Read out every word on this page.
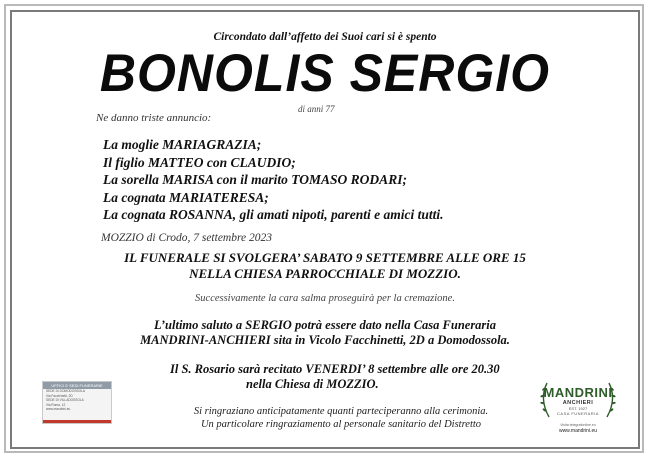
Circondato dall’affetto dei Suoi cari si è spento
BONOLIS SERGIO
di anni 77
Ne danno triste annuncio:
La moglie MARIAGRAZIA;
Il figlio MATTEO con CLAUDIO;
La sorella MARISA con il marito TOMASO RODARI;
La cognata MARIATERESA;
La cognata ROSANNA, gli amati nipoti, parenti e amici tutti.
MOZZIO di Crodo, 7 settembre 2023
IL FUNERALE SI SVOLGERA’ SABATO 9 SETTEMBRE ALLE ORE 15
NELLA CHIESA PARROCCHIALE DI MOZZIO.
Successivamente la cara salma proseguirà per la cremazione.
L’ultimo saluto a SERGIO potrà essere dato nella Casa Funeraria
MANDRINI-ANCHIERI sita in Vicolo Facchinetti, 2D a Domodossola.
Il S. Rosario sarà recitato VENERDI’ 8 settembre alle ore 20.30
nella Chiesa di MOZZIO.
Si ringraziano anticipatamente quanti parteciperanno alla cerimonia.
Un particolare ringraziamento al personale sanitario del Distretto
UFFICI E SEDI FUNERARIE
SEDE DI DOMODOSSOLA
Via Facchinetti, 2D
SEDE DI VILLADOSSOLA
Via Roma, 12
www.mandrini.eu
MANDRINI
ANCHIERI
EST. 1927
CASA FUNERARIA
Visita tetegrafonline.eu
www.mandrini.eu
